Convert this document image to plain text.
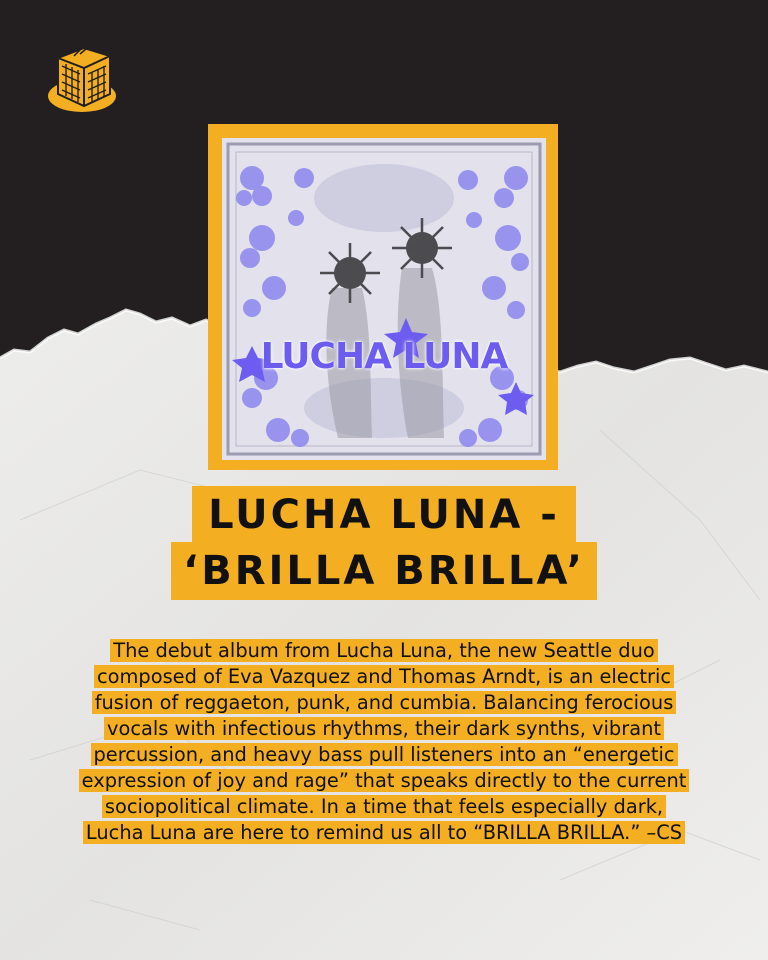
LUCHA LUNA
LUCHA LUNA -
‘BRILLA BRILLA’
The debut album from Lucha Luna, the new Seattle duo
composed of Eva Vazquez and Thomas Arndt, is an electric
fusion of reggaeton, punk, and cumbia. Balancing ferocious
vocals with infectious rhythms, their dark synths, vibrant
percussion, and heavy bass pull listeners into an “energetic
expression of joy and rage” that speaks directly to the current
sociopolitical climate. In a time that feels especially dark,
Lucha Luna are here to remind us all to “BRILLA BRILLA.” –CS
